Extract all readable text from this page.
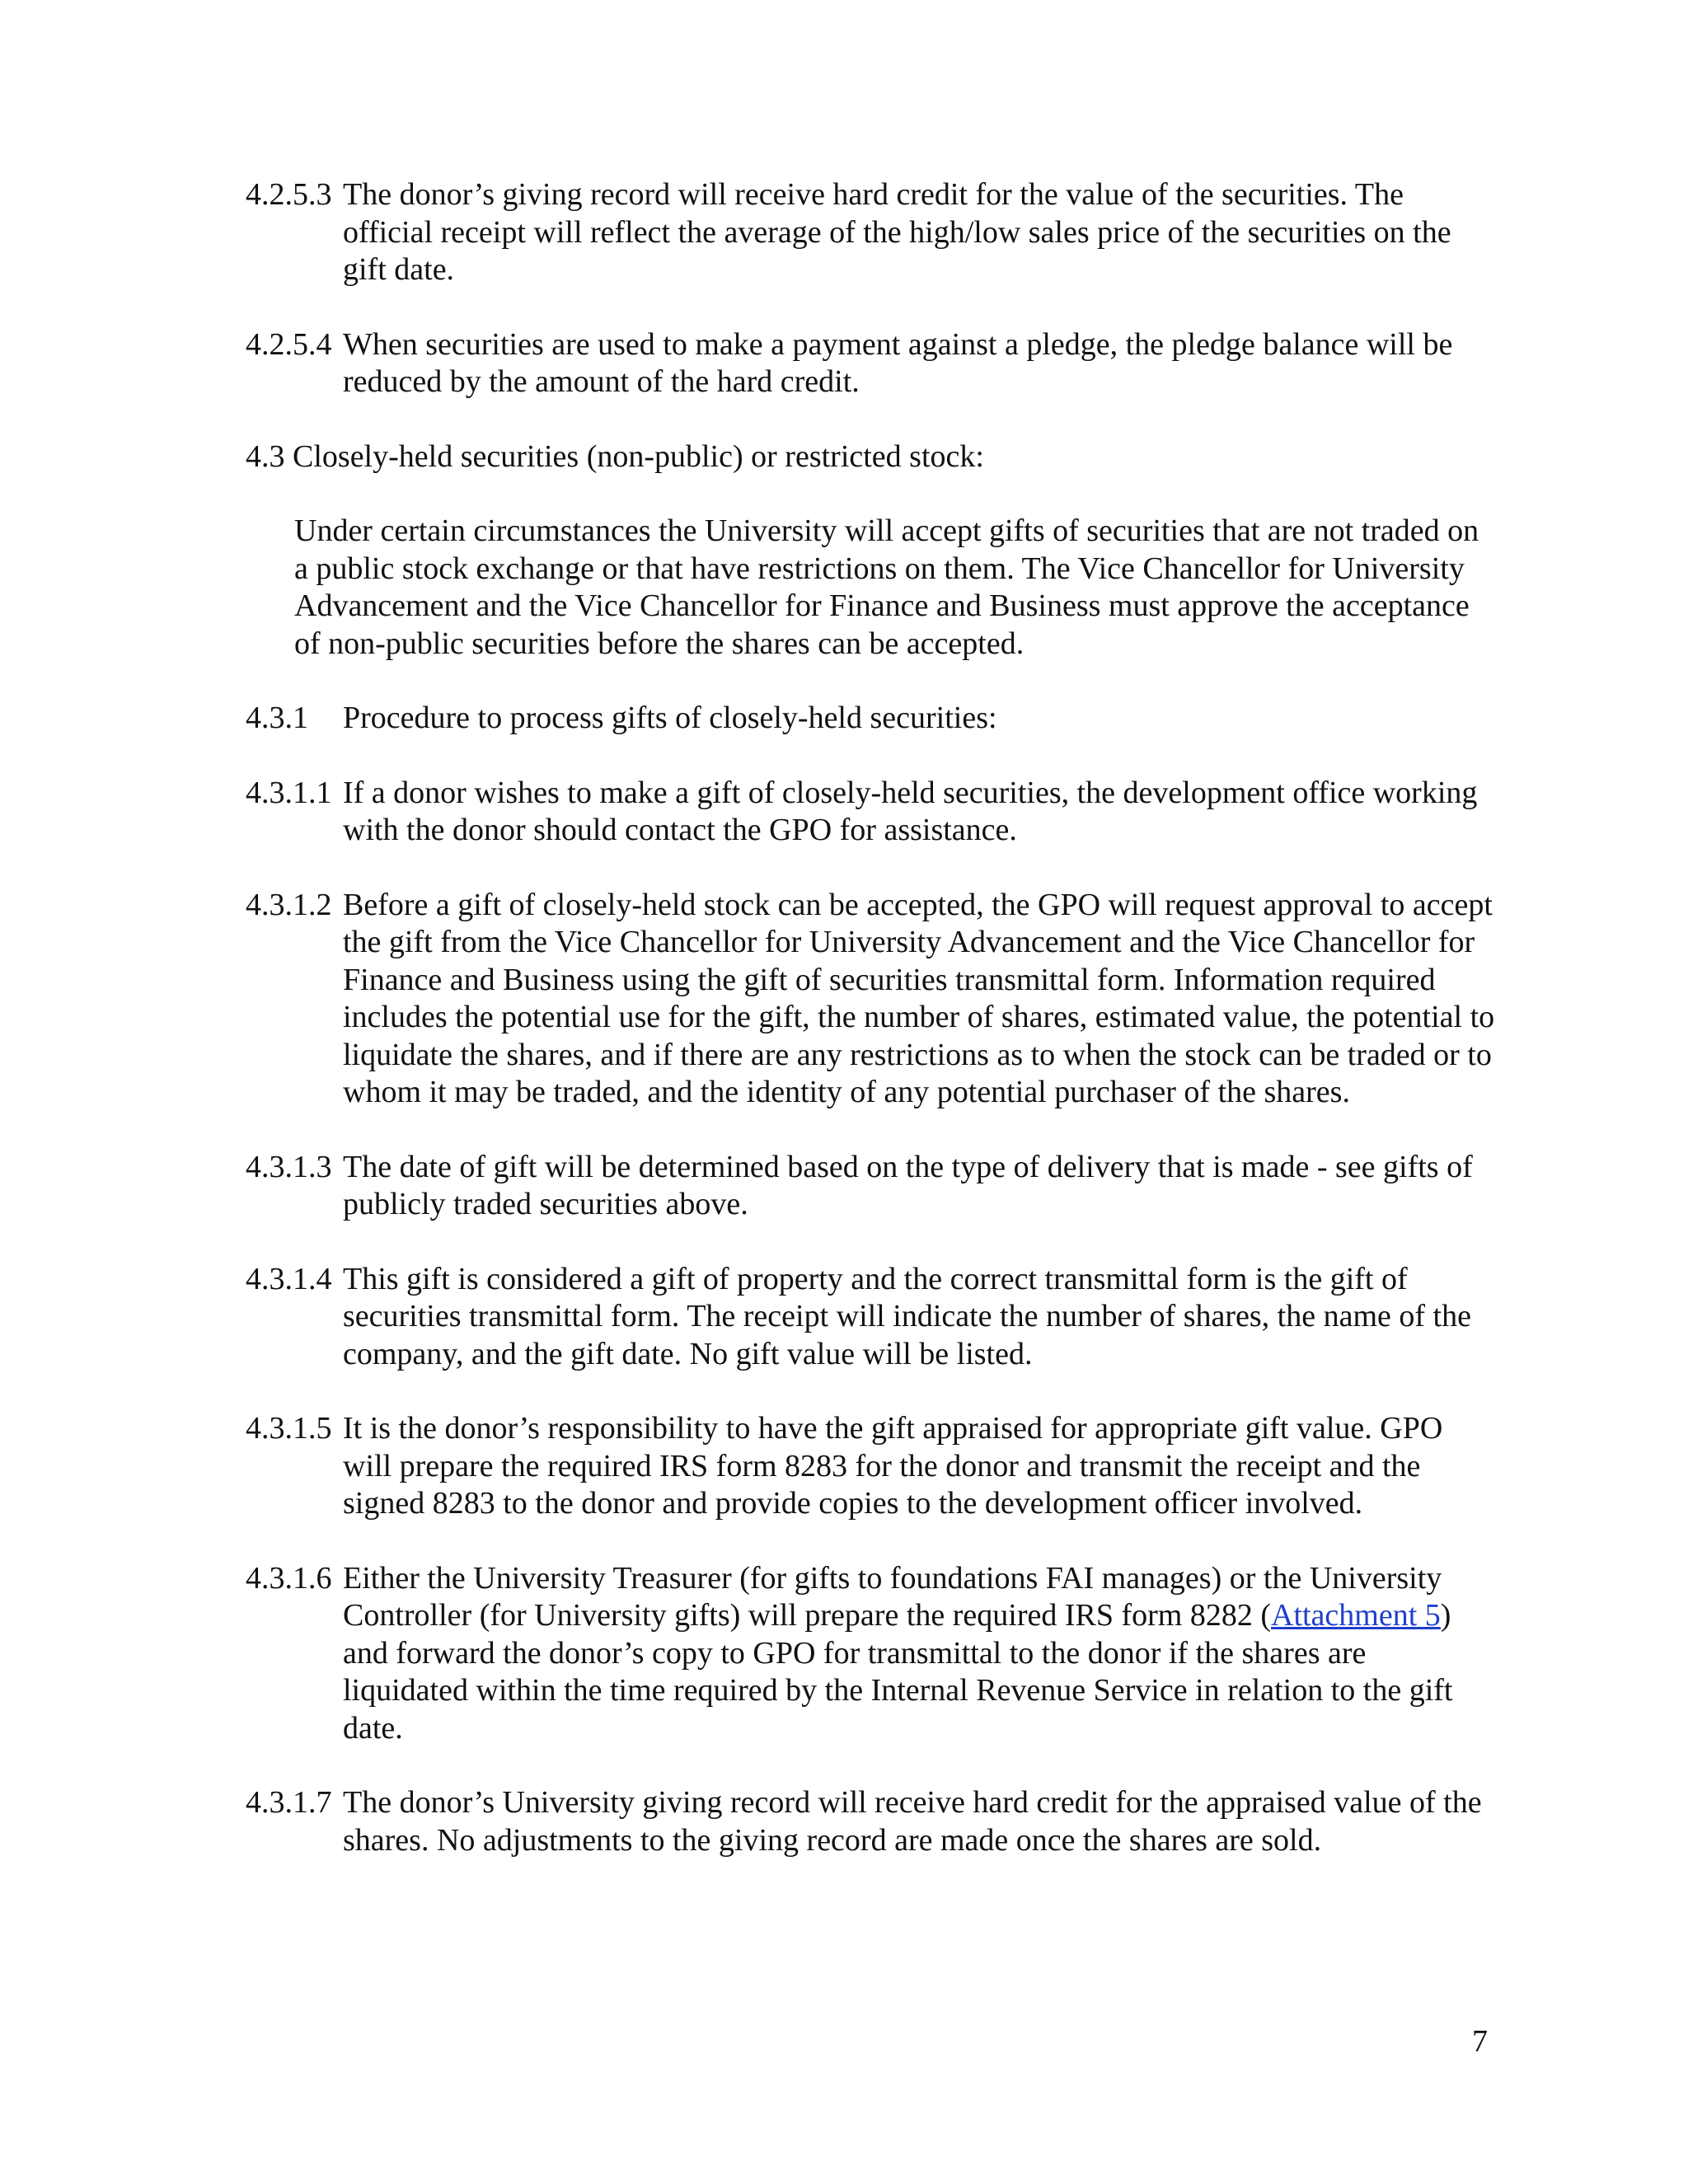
4.2.5.3 The donor’s giving record will receive hard credit for the value of the securities. The official receipt will reflect the average of the high/low sales price of the securities on the gift date.
4.2.5.4 When securities are used to make a payment against a pledge, the pledge balance will be reduced by the amount of the hard credit.
4.3 Closely-held securities (non-public) or restricted stock:
Under certain circumstances the University will accept gifts of securities that are not traded on a public stock exchange or that have restrictions on them. The Vice Chancellor for University Advancement and the Vice Chancellor for Finance and Business must approve the acceptance of non-public securities before the shares can be accepted.
4.3.1 Procedure to process gifts of closely-held securities:
4.3.1.1 If a donor wishes to make a gift of closely-held securities, the development office working with the donor should contact the GPO for assistance.
4.3.1.2 Before a gift of closely-held stock can be accepted, the GPO will request approval to accept the gift from the Vice Chancellor for University Advancement and the Vice Chancellor for Finance and Business using the gift of securities transmittal form. Information required includes the potential use for the gift, the number of shares, estimated value, the potential to liquidate the shares, and if there are any restrictions as to when the stock can be traded or to whom it may be traded, and the identity of any potential purchaser of the shares.
4.3.1.3 The date of gift will be determined based on the type of delivery that is made - see gifts of publicly traded securities above.
4.3.1.4 This gift is considered a gift of property and the correct transmittal form is the gift of securities transmittal form. The receipt will indicate the number of shares, the name of the company, and the gift date. No gift value will be listed.
4.3.1.5 It is the donor’s responsibility to have the gift appraised for appropriate gift value. GPO will prepare the required IRS form 8283 for the donor and transmit the receipt and the signed 8283 to the donor and provide copies to the development officer involved.
4.3.1.6 Either the University Treasurer (for gifts to foundations FAI manages) or the University Controller (for University gifts) will prepare the required IRS form 8282 (Attachment 5) and forward the donor’s copy to GPO for transmittal to the donor if the shares are liquidated within the time required by the Internal Revenue Service in relation to the gift date.
4.3.1.7 The donor’s University giving record will receive hard credit for the appraised value of the shares. No adjustments to the giving record are made once the shares are sold.
7
